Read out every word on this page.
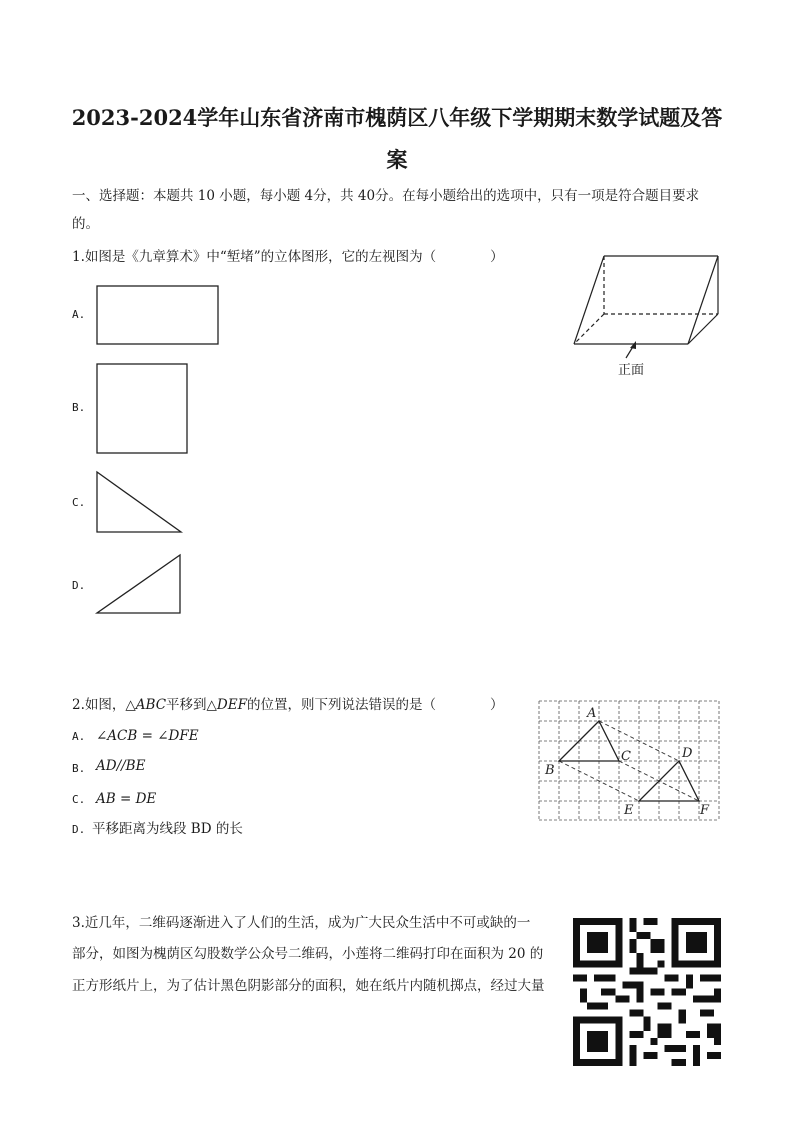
2023-2024学年山东省济南市槐荫区八年级下学期期末数学试题及答
案
一、选择题：本题共 10 小题，每小题 4分，共 40分。在每小题给出的选项中，只有一项是符合题目要求
的。
1.如图是《九章算术》中“堑堵”的立体图形，它的左视图为（　　　　）
正面
A.
B.
C.
D.
2.如图，△ABC平移到△DEF的位置，则下列说法错误的是（　　　　）
A. ∠ACB = ∠DFE
B. AD//BE
C. AB = DE
D. 平移距离为线段 BD 的长
A
B
C	D
E	F
3.近几年，二维码逐渐进入了人们的生活，成为广大民众生活中不可或缺的一
部分，如图为槐荫区勾股数学公众号二维码，小莲将二维码打印在面积为 20 的
正方形纸片上，为了估计黑色阴影部分的面积，她在纸片内随机掷点，经过大量
